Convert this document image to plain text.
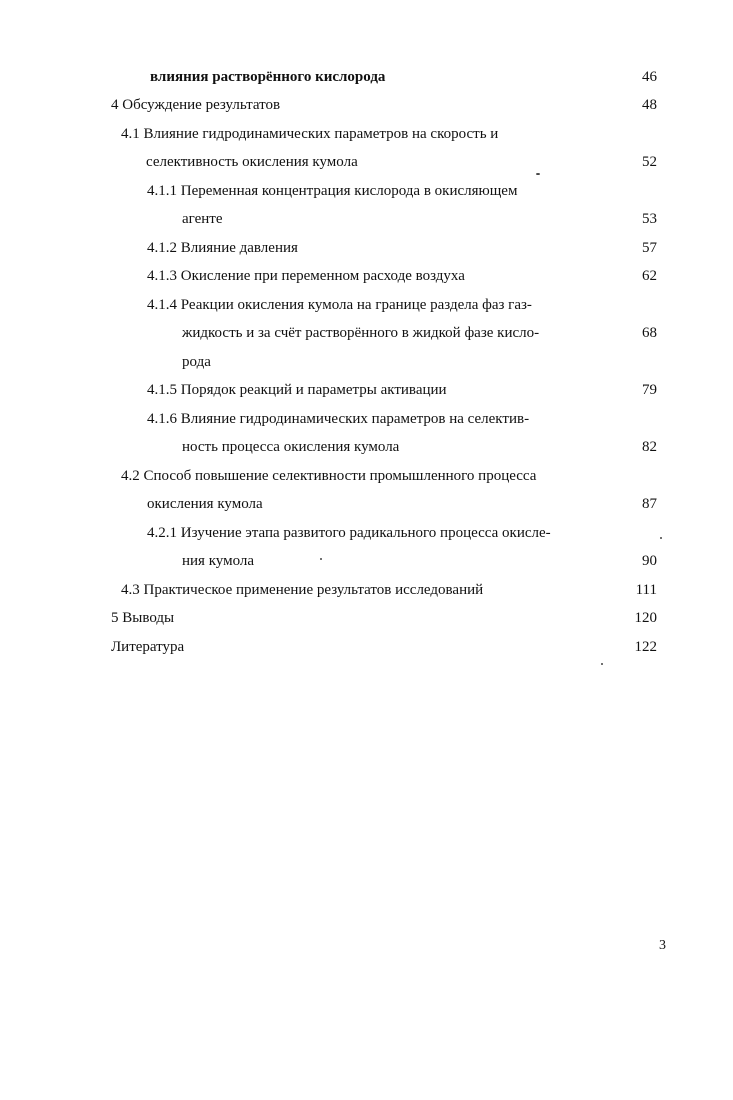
влияния растворённого кислорода	46
4 Обсуждение результатов	48
4.1 Влияние гидродинамических параметров на скорость и
селективность окисления кумола	52
4.1.1 Переменная концентрация кислорода в окисляющем
агенте	53
4.1.2 Влияние давления	57
4.1.3 Окисление при переменном расходе воздуха	62
4.1.4 Реакции окисления кумола на границе раздела фаз газ-
жидкость и за счёт растворённого в жидкой фазе кисло-	68
рода
4.1.5 Порядок реакций и параметры активации	79
4.1.6 Влияние гидродинамических параметров на селектив-
ность процесса окисления кумола	82
4.2 Способ повышение селективности промышленного процесса
окисления кумола	87
4.2.1 Изучение этапа развитого радикального процесса окисле-
ния кумола	90
4.3 Практическое применение результатов исследований	111
5 Выводы	120
Литература	122
3
